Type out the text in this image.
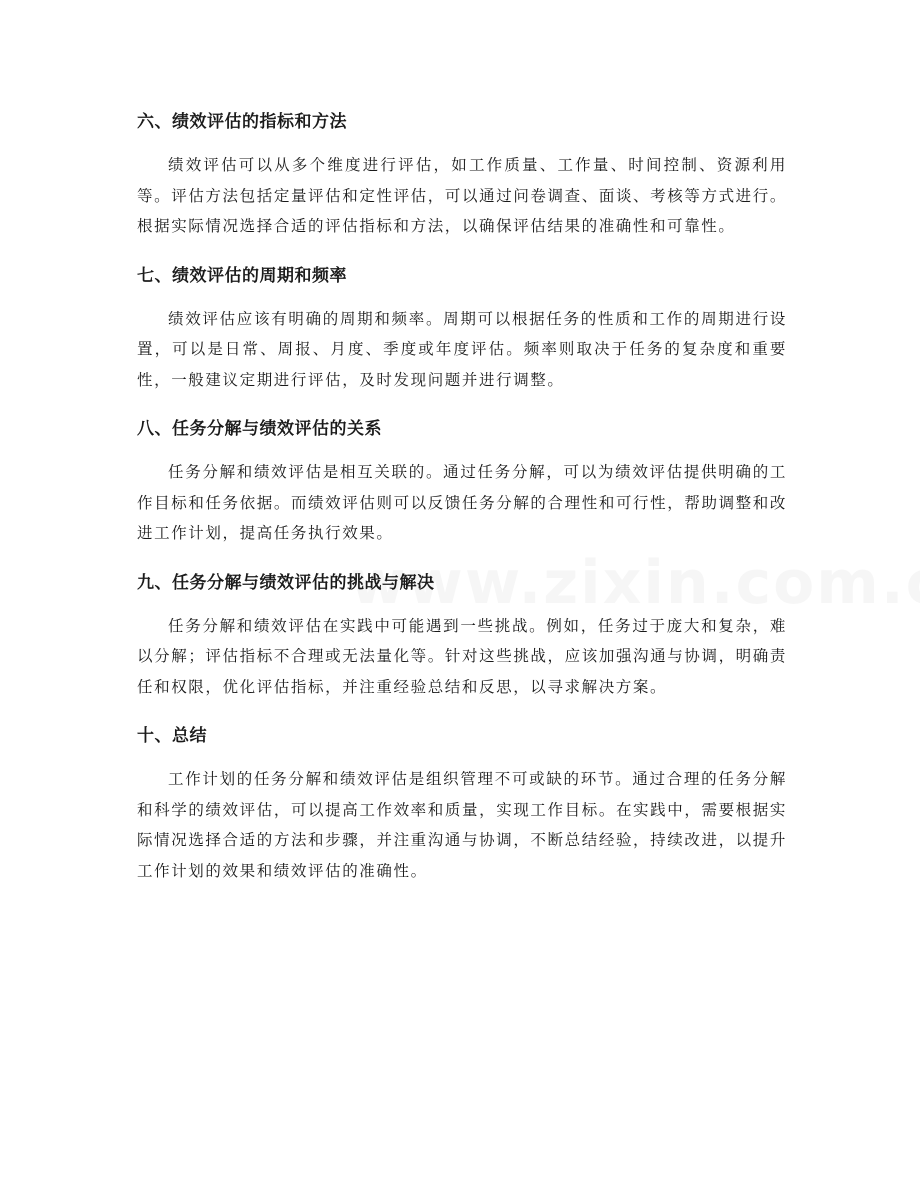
六、绩效评估的指标和方法

绩效评估可以从多个维度进行评估，如工作质量、工作量、时间控制、资源利用等。评估方法包括定量评估和定性评估，可以通过问卷调查、面谈、考核等方式进行。根据实际情况选择合适的评估指标和方法，以确保评估结果的准确性和可靠性。

七、绩效评估的周期和频率

绩效评估应该有明确的周期和频率。周期可以根据任务的性质和工作的周期进行设置，可以是日常、周报、月度、季度或年度评估。频率则取决于任务的复杂度和重要性，一般建议定期进行评估，及时发现问题并进行调整。

八、任务分解与绩效评估的关系

任务分解和绩效评估是相互关联的。通过任务分解，可以为绩效评估提供明确的工作目标和任务依据。而绩效评估则可以反馈任务分解的合理性和可行性，帮助调整和改进工作计划，提高任务执行效果。

九、任务分解与绩效评估的挑战与解决

任务分解和绩效评估在实践中可能遇到一些挑战。例如，任务过于庞大和复杂，难以分解；评估指标不合理或无法量化等。针对这些挑战，应该加强沟通与协调，明确责任和权限，优化评估指标，并注重经验总结和反思，以寻求解决方案。

十、总结

工作计划的任务分解和绩效评估是组织管理不可或缺的环节。通过合理的任务分解和科学的绩效评估，可以提高工作效率和质量，实现工作目标。在实践中，需要根据实际情况选择合适的方法和步骤，并注重沟通与协调，不断总结经验，持续改进，以提升工作计划的效果和绩效评估的准确性。
